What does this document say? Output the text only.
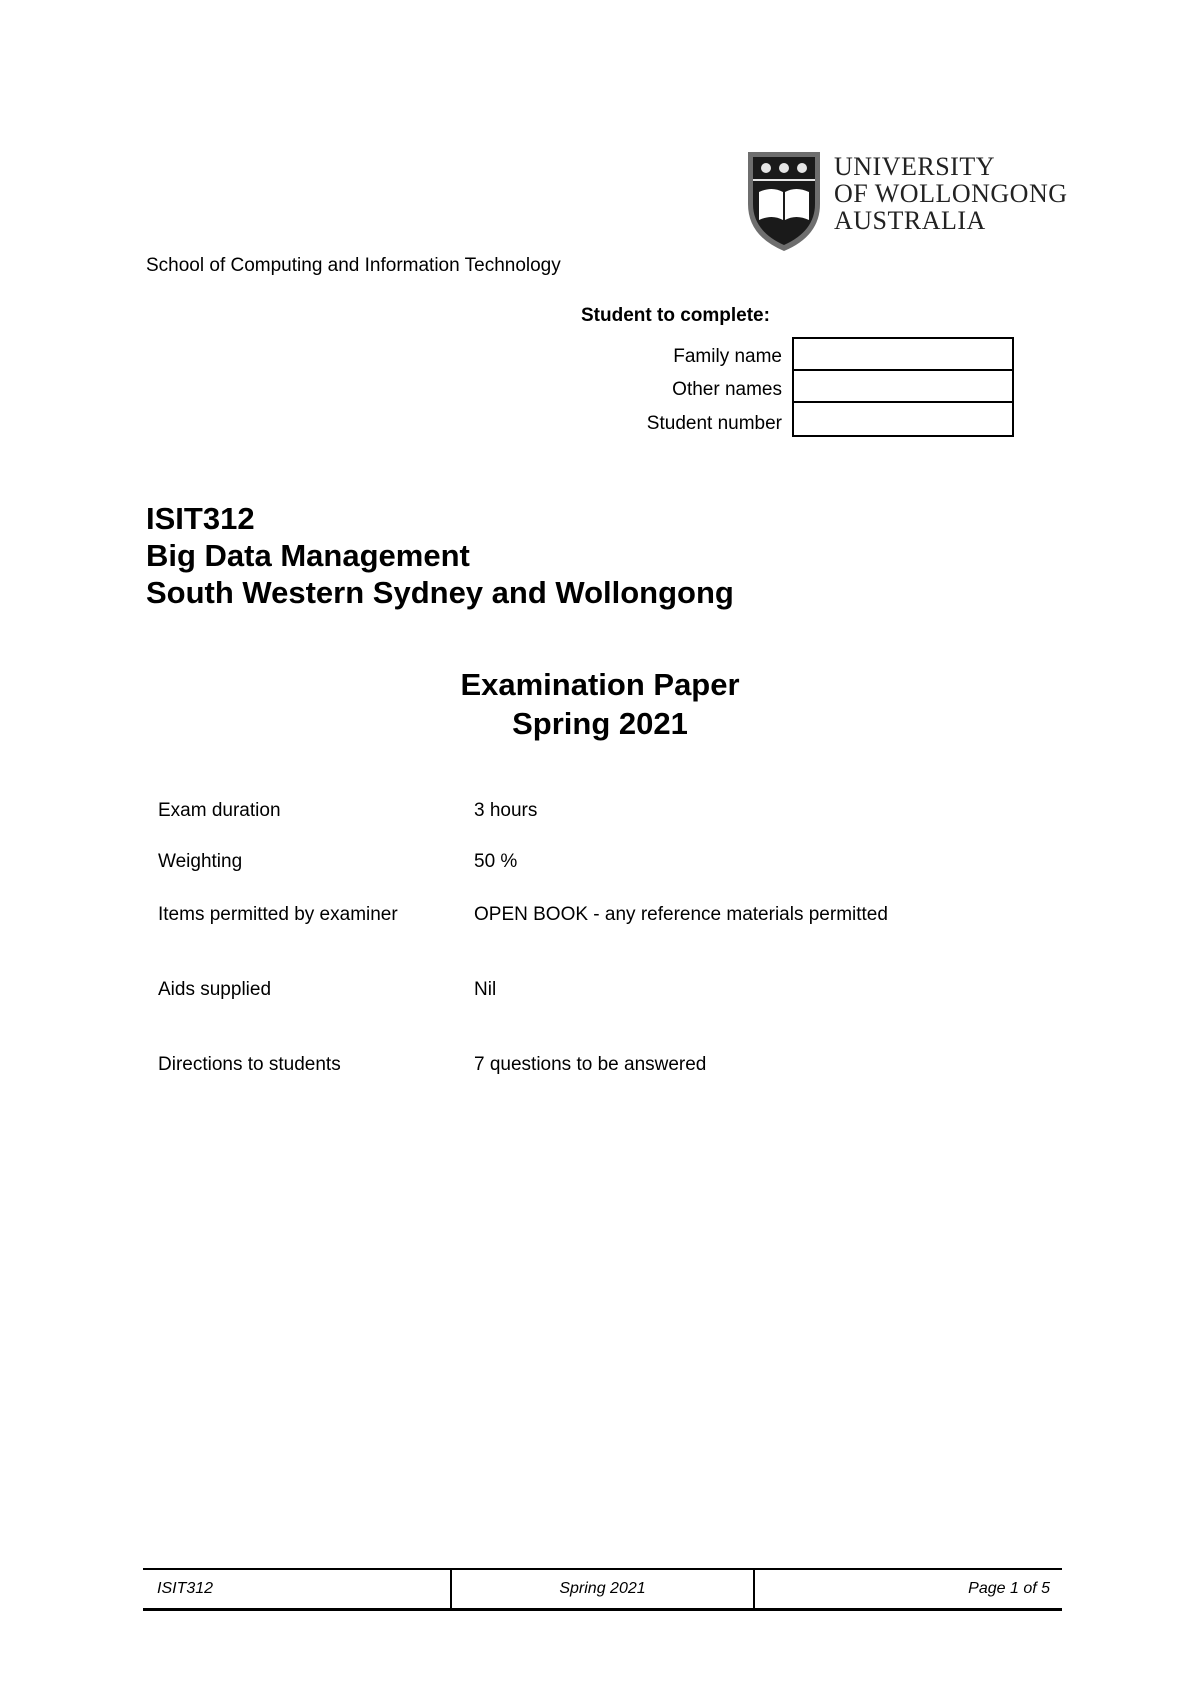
UNIVERSITY
OF WOLLONGONG
AUSTRALIA
School of Computing and Information Technology
Student to complete:
Family name
Other names
Student number
ISIT312
Big Data Management
South Western Sydney and Wollongong
Examination Paper
Spring 2021
Exam duration	3 hours
Weighting	50 %
Items permitted by examiner	OPEN BOOK - any reference materials permitted
Aids supplied	Nil
Directions to students	7 questions to be answered
ISIT312	Spring 2021	Page 1 of 5
